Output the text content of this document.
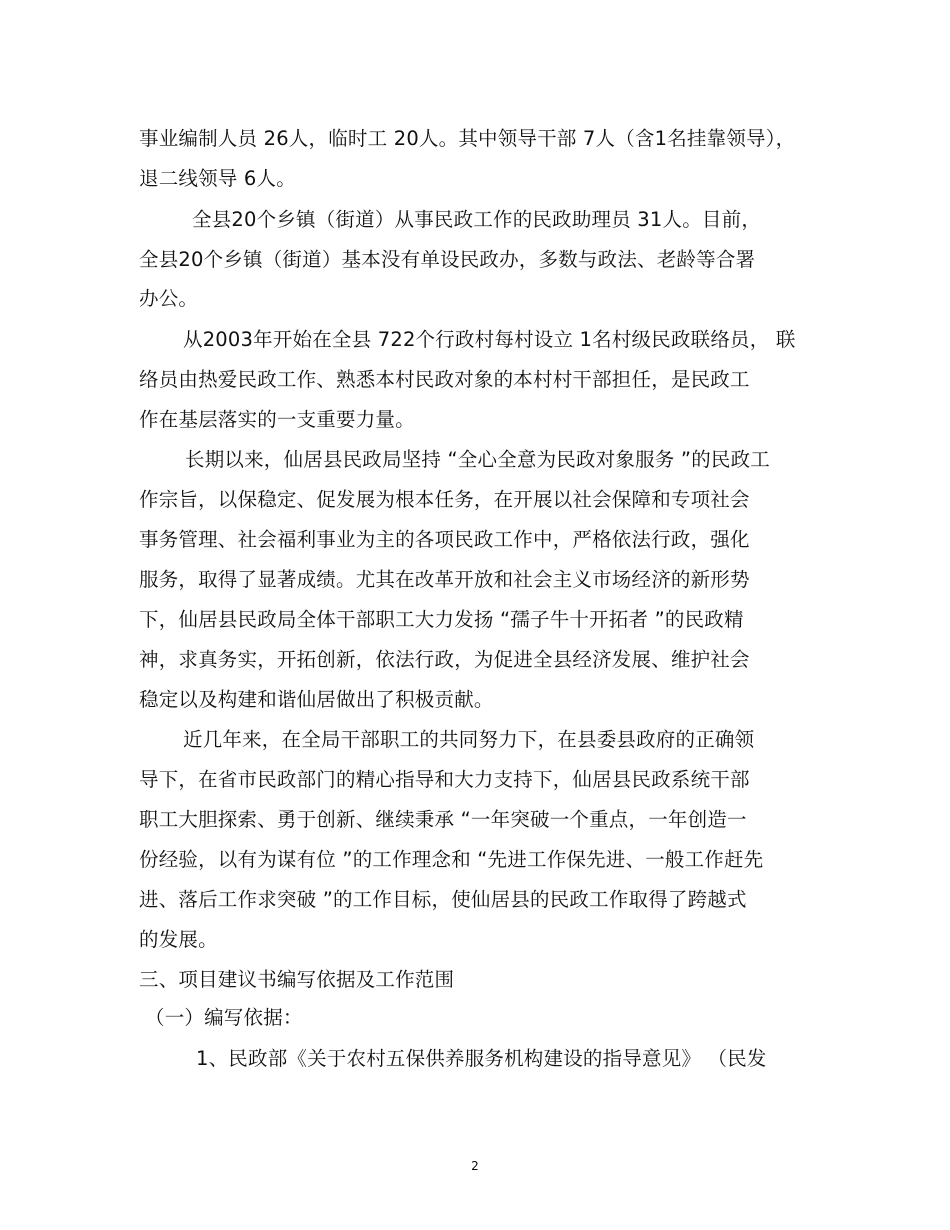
事业编制人员 26人，临时工 20人。其中领导干部 7人（含1名挂靠领导），
退二线领导 6人。
全县20个乡镇（街道）从事民政工作的民政助理员 31人。目前，
全县20个乡镇（街道）基本没有单设民政办，多数与政法、老龄等合署
办公。
从2003年开始在全县 722个行政村每村设立 1名村级民政联络员， 联
络员由热爱民政工作、熟悉本村民政对象的本村村干部担任，是民政工
作在基层落实的一支重要力量。
长期以来，仙居县民政局坚持 “全心全意为民政对象服务 ”的民政工
作宗旨，以保稳定、促发展为根本任务，在开展以社会保障和专项社会
事务管理、社会福利事业为主的各项民政工作中，严格依法行政，强化
服务，取得了显著成绩。尤其在改革开放和社会主义市场经济的新形势
下，仙居县民政局全体干部职工大力发扬 “孺子牛十开拓者 ”的民政精
神，求真务实，开拓创新，依法行政，为促进全县经济发展、维护社会
稳定以及构建和谐仙居做出了积极贡献。
近几年来，在全局干部职工的共同努力下，在县委县政府的正确领
导下，在省市民政部门的精心指导和大力支持下，仙居县民政系统干部
职工大胆探索、勇于创新、继续秉承 “一年突破一个重点，一年创造一
份经验，以有为谋有位 ”的工作理念和 “先进工作保先进、一般工作赶先
进、落后工作求突破 ”的工作目标，使仙居县的民政工作取得了跨越式
的发展。
三、项目建议书编写依据及工作范围
（一）编写依据：
1、民政部《关于农村五保供养服务机构建设的指导意见》 （民发
2
